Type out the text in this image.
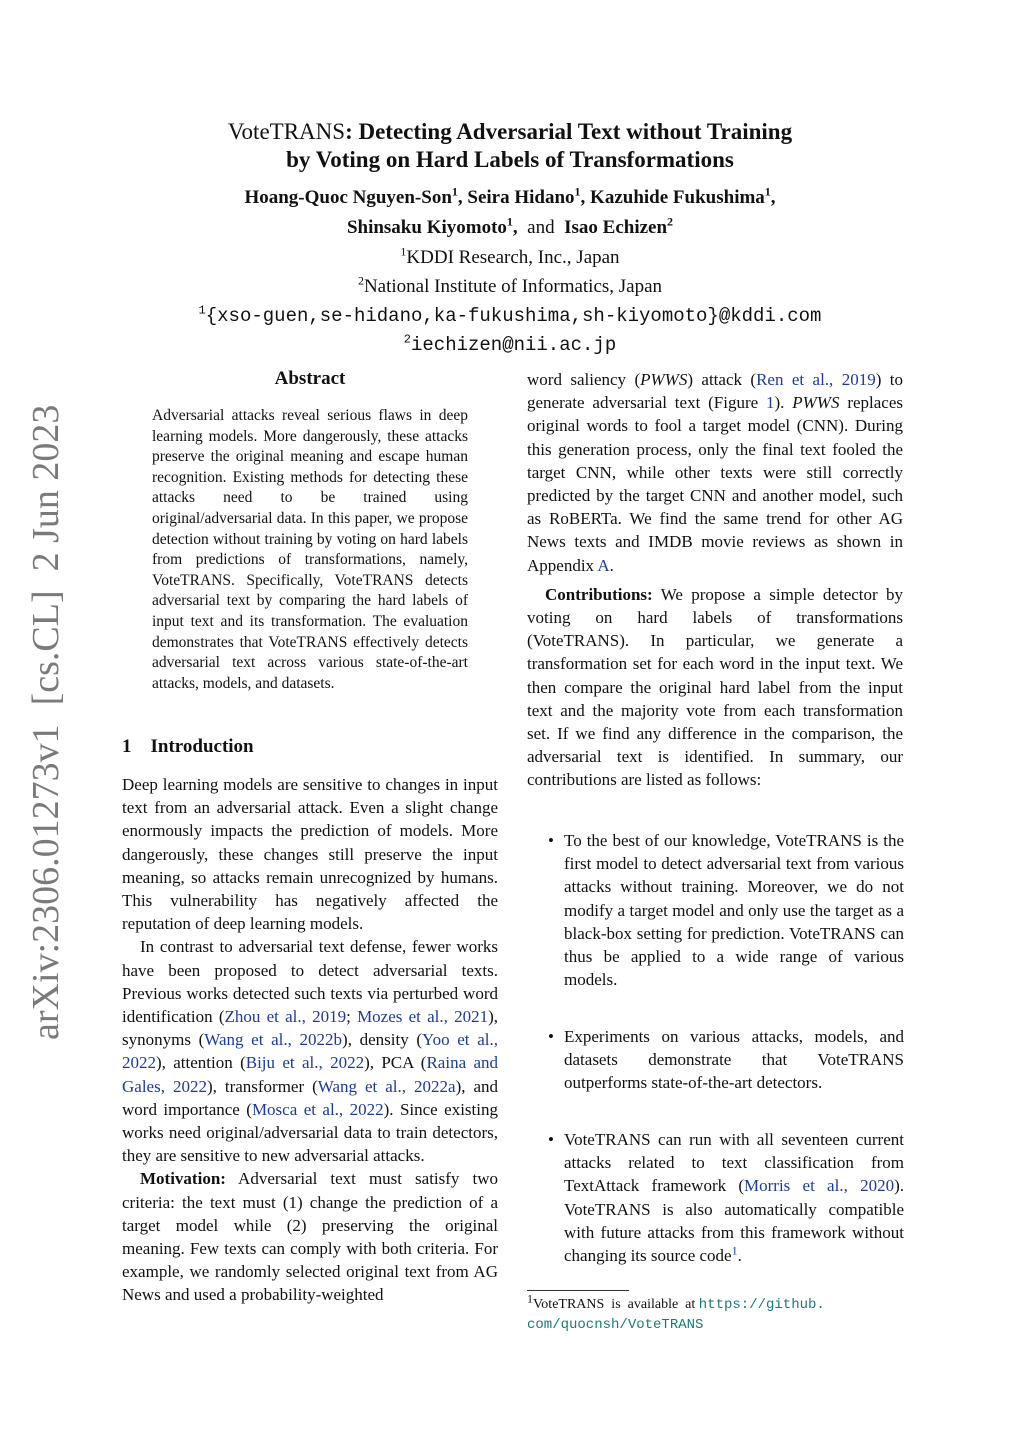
arXiv:2306.01273v1  [cs.CL]  2 Jun 2023
VoteTRANS: Detecting Adversarial Text without Training
by Voting on Hard Labels of Transformations
Hoang-Quoc Nguyen-Son$^1$, Seira Hidano$^1$, Kazuhide Fukushima$^1$,
Shinsaku Kiyomoto$^1$,  and Isao Echizen$^2$
$^1$KDDI Research, Inc., Japan
$^2$National Institute of Informatics, Japan
$^1${xso-guen,se-hidano,ka-fukushima,sh-kiyomoto}@kddi.com
$^2$iechizen@nii.ac.jp
Abstract
Adversarial attacks reveal serious flaws in deep learning models. More dangerously, these attacks preserve the original meaning and escape human recognition. Existing methods for detecting these attacks need to be trained using original/adversarial data. In this paper, we propose detection without training by voting on hard labels from predictions of transformations, namely, VoteTRANS. Specifically, VoteTRANS detects adversarial text by comparing the hard labels of input text and its transformation. The evaluation demonstrates that VoteTRANS effectively detects adversarial text across various state-of-the-art attacks, models, and datasets.
1    Introduction

Deep learning models are sensitive to changes in input text from an adversarial attack. Even a slight change enormously impacts the prediction of models. More dangerously, these changes still preserve the input meaning, so attacks remain unrecognized by humans. This vulnerability has negatively affected the reputation of deep learning models.

In contrast to adversarial text defense, fewer works have been proposed to detect adversarial texts. Previous works detected such texts via perturbed word identification (Zhou et al., 2019; Mozes et al., 2021), synonyms (Wang et al., 2022b), density (Yoo et al., 2022), attention (Biju et al., 2022), PCA (Raina and Gales, 2022), transformer (Wang et al., 2022a), and word importance (Mosca et al., 2022). Since existing works need original/adversarial data to train detectors, they are sensitive to new adversarial attacks.

Motivation: Adversarial text must satisfy two criteria: the text must (1) change the prediction of a target model while (2) preserving the original meaning. Few texts can comply with both criteria. For example, we randomly selected original text from AG News and used a probability-weighted

word saliency (PWWS) attack (Ren et al., 2019) to generate adversarial text (Figure 1). PWWS replaces original words to fool a target model (CNN). During this generation process, only the final text fooled the target CNN, while other texts were still correctly predicted by the target CNN and another model, such as RoBERTa. We find the same trend for other AG News texts and IMDB movie reviews as shown in Appendix A.

Contributions: We propose a simple detector by voting on hard labels of transformations (VoteTRANS). In particular, we generate a transformation set for each word in the input text. We then compare the original hard label from the input text and the majority vote from each transformation set. If we find any difference in the comparison, the adversarial text is identified. In summary, our contributions are listed as follows:

• To the best of our knowledge, VoteTRANS is the first model to detect adversarial text from various attacks without training. Moreover, we do not modify a target model and only use the target as a black-box setting for prediction. VoteTRANS can thus be applied to a wide range of various models.
• Experiments on various attacks, models, and datasets demonstrate that VoteTRANS outperforms state-of-the-art detectors.
• VoteTRANS can run with all seventeen current attacks related to text classification from TextAttack framework (Morris et al., 2020). VoteTRANS is also automatically compatible with future attacks from this framework without changing its source code$^1$.
$^1$VoteTRANS  is  available  at https://github.
com/quocnsh/VoteTRANS
